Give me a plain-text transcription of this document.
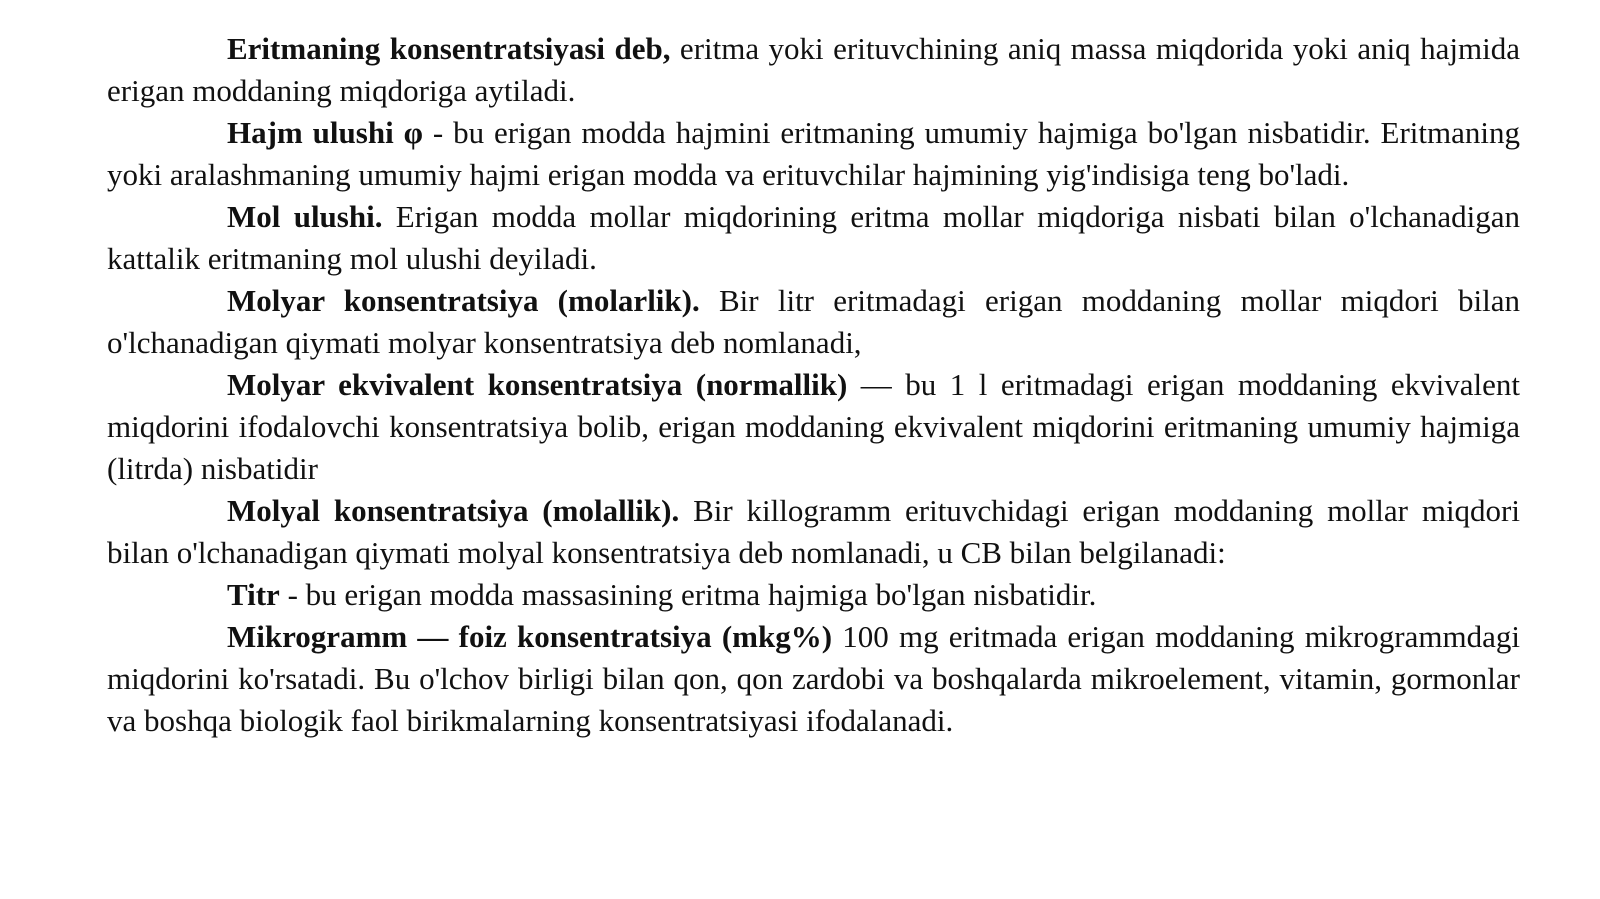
Eritmaning konsentratsiyasi deb, eritma yoki erituvchining aniq massa miqdorida yoki aniq hajmida erigan moddaning miqdoriga aytiladi.

Hajm ulushi φ - bu erigan modda hajmini eritmaning umumiy hajmiga bo'lgan nisbatidir. Eritmaning yoki aralashmaning umumiy hajmi erigan modda va erituvchilar hajmining yig'indisiga teng bo'ladi.

Mol ulushi. Erigan modda mollar miqdorining eritma mollar miqdoriga nisbati bilan o'lchanadigan kattalik eritmaning mol ulushi deyiladi.

Molyar konsentratsiya (molarlik). Bir litr eritmadagi erigan moddaning mollar miqdori bilan o'lchanadigan qiymati molyar konsentratsiya deb nomlanadi,

Molyar ekvivalent konsentratsiya (normallik) — bu 1 l eritmadagi erigan moddaning ekvivalent miqdorini ifodalovchi konsentratsiya bolib, erigan moddaning ekvivalent miqdorini eritmaning umumiy hajmiga (litrda) nisbatidir

Molyal konsentratsiya (molallik). Bir killogramm erituvchidagi erigan moddaning mollar miqdori bilan o'lchanadigan qiymati molyal konsentratsiya deb nomlanadi, u CB bilan belgilanadi:

Titr - bu erigan modda massasining eritma hajmiga bo'lgan nisbatidir.

Mikrogramm — foiz konsentratsiya (mkg%) 100 mg eritmada erigan moddaning mikrogrammdagi miqdorini ko'rsatadi. Bu o'lchov birligi bilan qon, qon zardobi va boshqalarda mikroelement, vitamin, gormonlar va boshqa biologik faol birikmalarning konsentratsiyasi ifodalanadi.
